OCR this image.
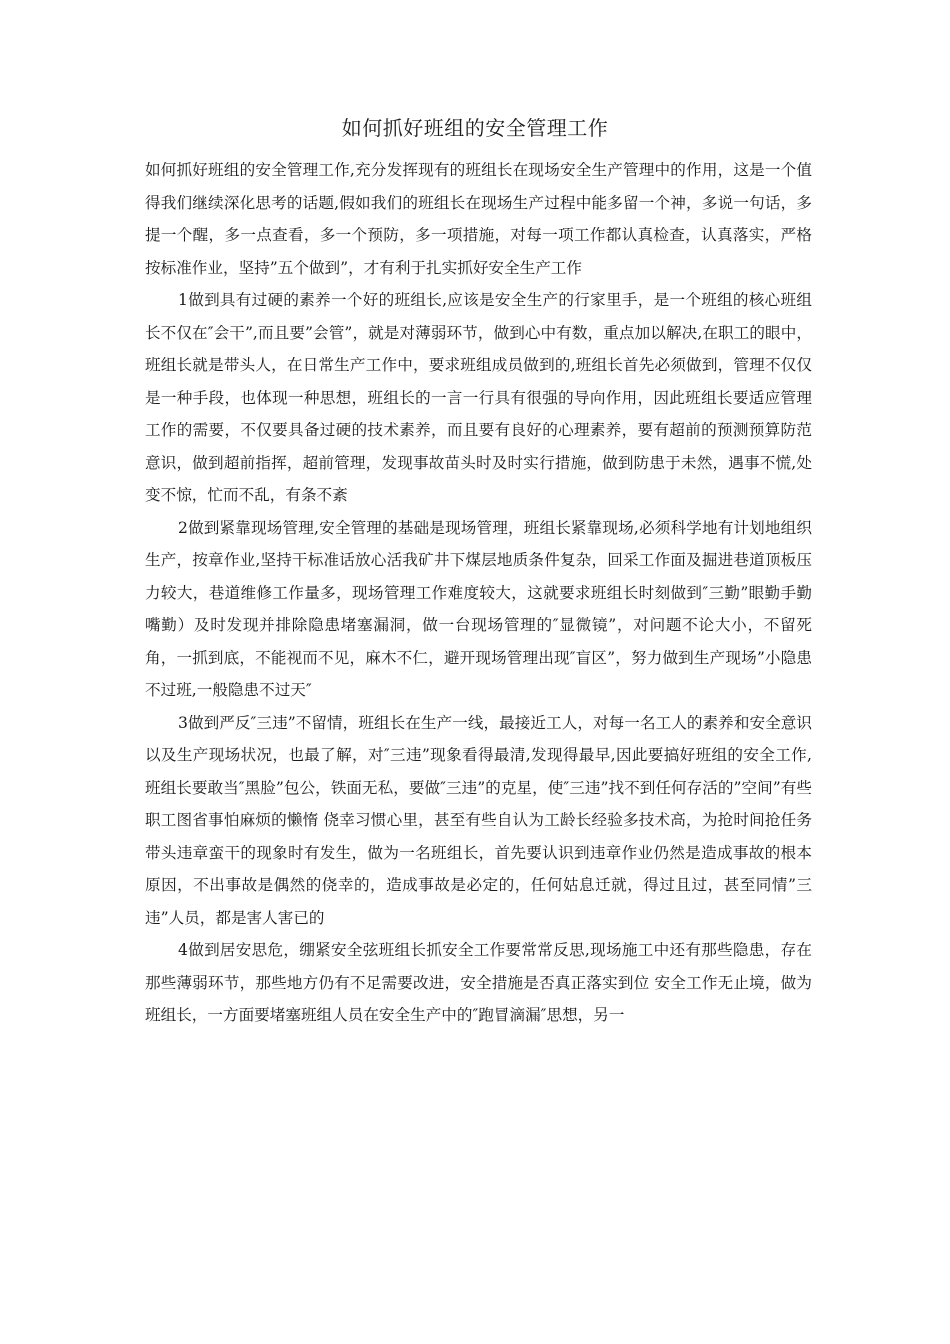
如何抓好班组的安全管理工作

如何抓好班组的安全管理工作,充分发挥现有的班组长在现场安全生产管理中的作用，这是一个值得我们继续深化思考的话题,假如我们的班组长在现场生产过程中能多留一个神，多说一句话，多提一个醒，多一点查看，多一个预防，多一项措施，对每一项工作都认真检查，认真落实，严格按标准作业，坚持”五个做到”，才有利于扎实抓好安全生产工作

1做到具有过硬的素养一个好的班组长,应该是安全生产的行家里手，是一个班组的核心班组长不仅在″会干”,而且要”会管”，就是对薄弱环节，做到心中有数，重点加以解决,在职工的眼中，班组长就是带头人，在日常生产工作中，要求班组成员做到的,班组长首先必须做到，管理不仅仅是一种手段，也体现一种思想，班组长的一言一行具有很强的导向作用，因此班组长要适应管理工作的需要，不仅要具备过硬的技术素养，而且要有良好的心理素养，要有超前的预测预算防范意识，做到超前指挥，超前管理，发现事故苗头时及时实行措施，做到防患于未然，遇事不慌,处变不惊，忙而不乱，有条不紊

2做到紧靠现场管理,安全管理的基础是现场管理，班组长紧靠现场,必须科学地有计划地组织生产，按章作业,坚持干标准话放心活我矿井下煤层地质条件复杂，回采工作面及掘进巷道顶板压力较大，巷道维修工作量多，现场管理工作难度较大，这就要求班组长时刻做到″三勤”眼勤手勤嘴勤）及时发现并排除隐患堵塞漏洞，做一台现场管理的″显微镜”，对问题不论大小，不留死角，一抓到底，不能视而不见，麻木不仁，避开现场管理出现″盲区”，努力做到生产现场”小隐患不过班,一般隐患不过天″

3做到严反″三违”不留情，班组长在生产一线，最接近工人，对每一名工人的素养和安全意识以及生产现场状况，也最了解，对″三违”现象看得最清,发现得最早,因此要搞好班组的安全工作,班组长要敢当″黑脸”包公，铁面无私，要做″三违”的克星，使″三违”找不到任何存活的”空间”有些职工图省事怕麻烦的懒惰 侥幸习惯心里，甚至有些自认为工龄长经验多技术高，为抢时间抢任务带头违章蛮干的现象时有发生，做为一名班组长，首先要认识到违章作业仍然是造成事故的根本原因，不出事故是偶然的侥幸的，造成事故是必定的，任何姑息迁就，得过且过，甚至同情”三违”人员，都是害人害已的

4做到居安思危，绷紧安全弦班组长抓安全工作要常常反思,现场施工中还有那些隐患，存在那些薄弱环节，那些地方仍有不足需要改进，安全措施是否真正落实到位 安全工作无止境，做为班组长，一方面要堵塞班组人员在安全生产中的″跑冒滴漏″思想，另一
